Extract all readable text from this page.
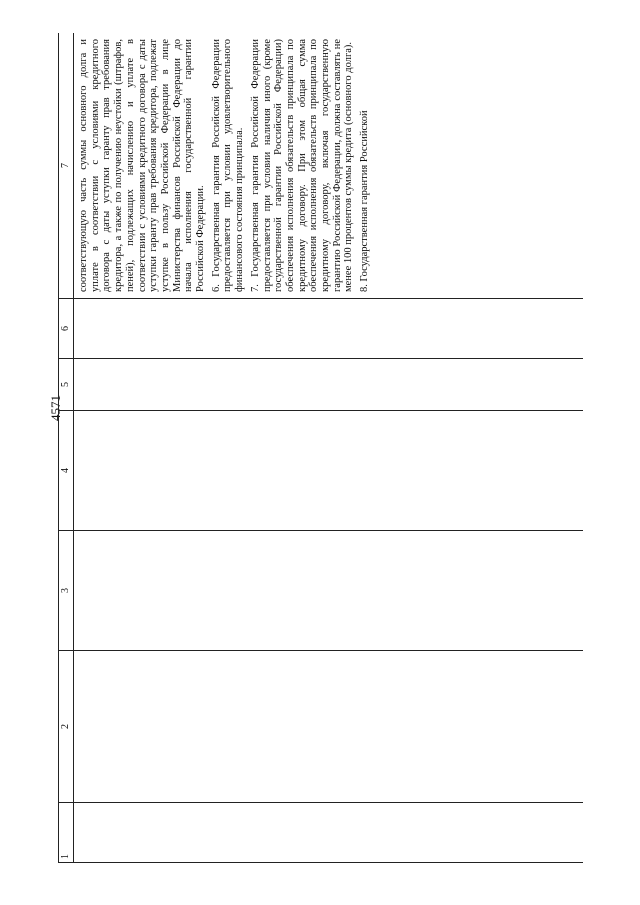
4571
1	2	3	4	5	6	7

						соответствующую часть суммы основного долга и уплате в соответствии с условиями кредитного договора с даты уступки гаранту прав требования кредитора, а также по получению неустойки (штрафов, пеней), подлежащих начислению и уплате в соответствии с условиями кредитного договора с даты уступки гаранту прав требования кредитора, подлежат уступке в пользу Российской Федерации в лице Министерства финансов Российской Федерации до начала исполнения государственной гарантии Российской Федерации. 6. Государственная гарантия Российской Федерации предоставляется при условии удовлетворительного финансового состояния принципала. 7. Государственная гарантия Российской Федерации предоставляется при условии наличия иного (кроме государственной гарантии Российской Федерации) обеспечения исполнения обязательств принципала по кредитному договору. При этом общая сумма обеспечения исполнения обязательств принципала по кредитному договору, включая государственную гарантию Российской Федерации, должна составлять не менее 100 процентов суммы кредита (основного долга). 8. Государственная гарантия Российской
